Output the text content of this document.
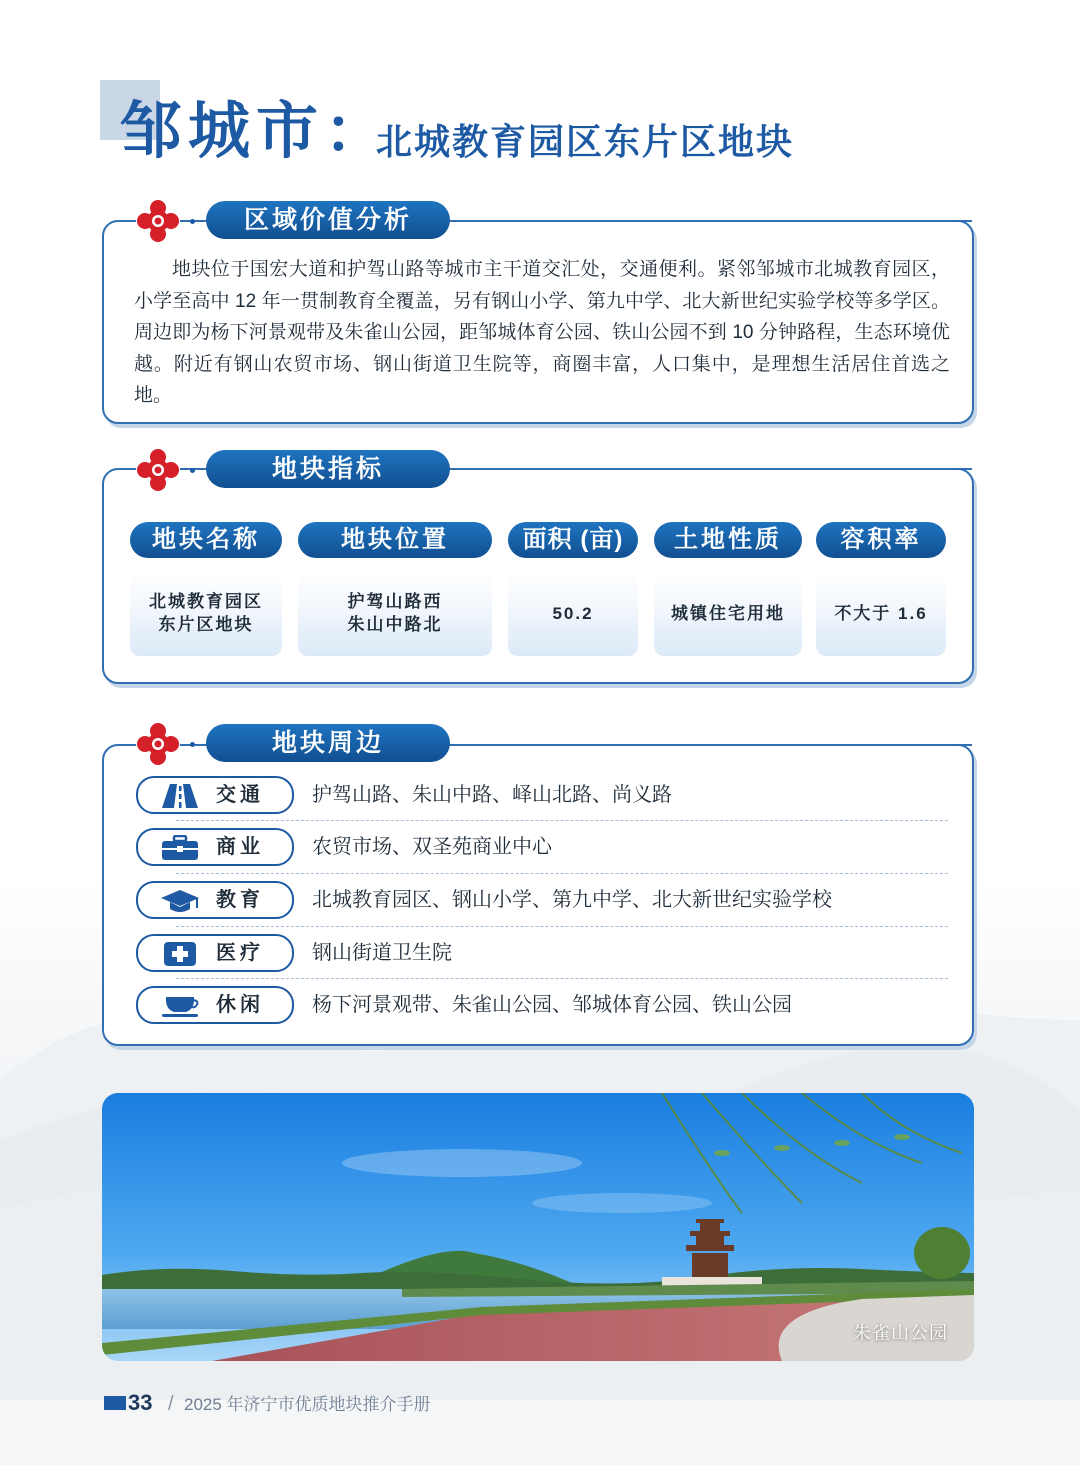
邹城市：
北城教育园区东片区地块
区域价值分析

地块位于国宏大道和护驾山路等城市主干道交汇处，交通便利。紧邻邹城市北城教育园区，小学至高中 12 年一贯制教育全覆盖，另有钢山小学、第九中学、北大新世纪实验学校等多学区。周边即为杨下河景观带及朱雀山公园，距邹城体育公园、铁山公园不到 10 分钟路程，生态环境优越。附近有钢山农贸市场、钢山街道卫生院等，商圈丰富，人口集中，是理想生活居住首选之地。

地块指标
地块名称
北城教育园区
东片区地块
地块位置
护驾山路西
朱山中路北
面积 (亩)
50.2
土地性质
城镇住宅用地
容积率
不大于 1.6
地块周边
交通 护驾山路、朱山中路、峄山北路、尚义路
商业 农贸市场、双圣苑商业中心
教育 北城教育园区、钢山小学、第九中学、北大新世纪实验学校
医疗 钢山街道卫生院
休闲 杨下河景观带、朱雀山公园、邹城体育公园、铁山公园
朱雀山公园
33 / 2025 年济宁市优质地块推介手册
